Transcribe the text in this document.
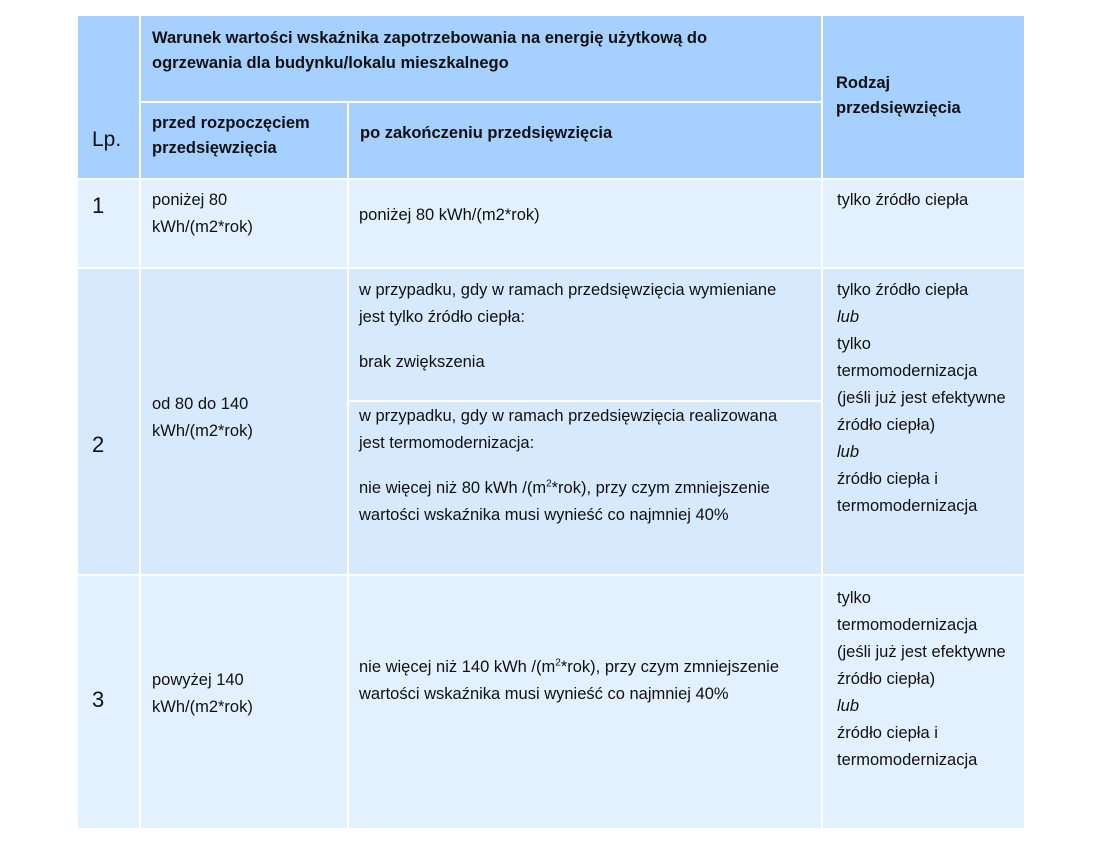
Lp.
Warunek wartości wskaźnika zapotrzebowania na energię użytkową do ogrzewania dla budynku/lokalu mieszkalnego
przed rozpoczęciem przedsięwzięcia
po zakończeniu przedsięwzięcia
Rodzaj przedsięwzięcia
1	poniżej 80 kWh/(m2*rok)
poniżej 80 kWh/(m2*rok)
tylko źródło ciepła
2
od 80 do 140 kWh/(m2*rok)

w przypadku, gdy w ramach przedsięwzięcia wymieniane jest tylko źródło ciepła:

brak zwiększenia

w przypadku, gdy w ramach przedsięwzięcia realizowana jest termomodernizacja:

nie więcej niż 80 kWh $/(m^2*rok)$, przy czym zmniejszenie wartości wskaźnika musi wynieść co najmniej 40%

tylko źródło ciepła
lub
tylko termomodernizacja (jeśli już jest efektywne źródło ciepła)
lub
źródło ciepła i termomodernizacja
3
powyżej 140 kWh/(m2*rok)
nie więcej niż 140 kWh $/(m^2*rok)$, przy czym zmniejszenie wartości wskaźnika musi wynieść co najmniej 40%
tylko termomodernizacja (jeśli już jest efektywne źródło ciepła)
lub
źródło ciepła i termomodernizacja
